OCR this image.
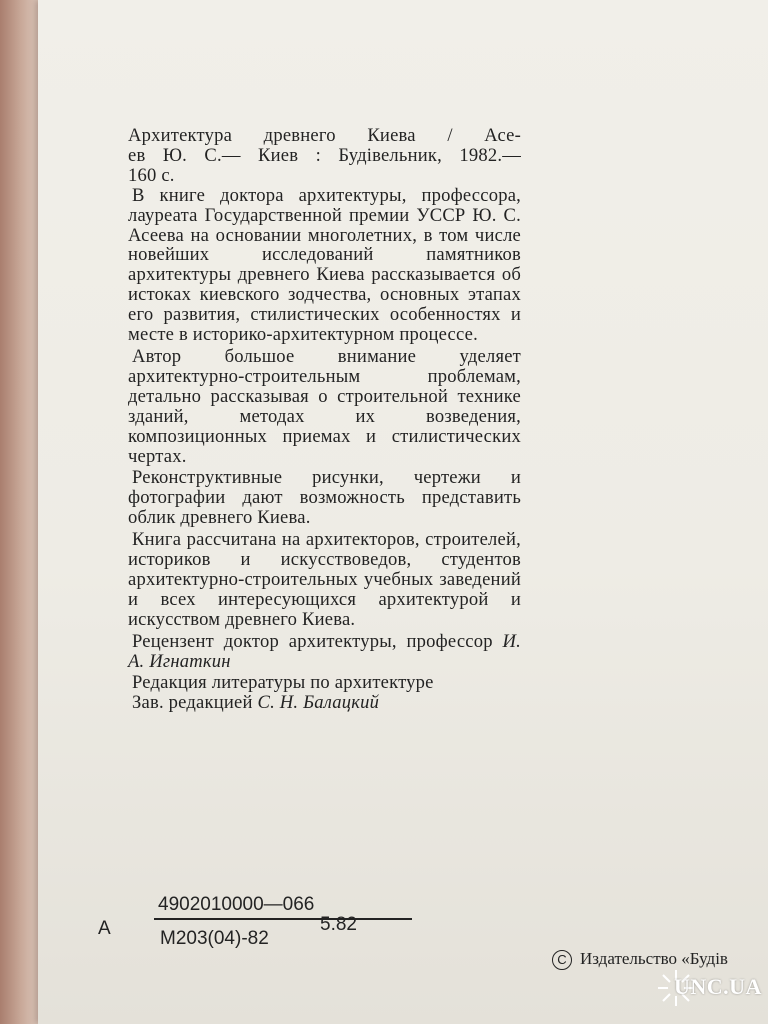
Архитектура древнего Киева / Асе-

ев Ю. С.— Киев : Будівельник, 1982.—

160 с.

В книге доктора архитектуры, профессора, лауреата Государственной премии УССР Ю. С. Асеева на основании многолетних, в том числе новейших исследований памятников архитектуры древнего Киева рассказывается об истоках киевского зодчества, основных этапах его развития, стилистических особенностях и месте в историко-архитектурном процессе.

Автор большое внимание уделяет архитектурно-строительным проблемам, детально рассказывая о строительной технике зданий, методах их возведения, композиционных приемах и стилистических чертах.

Реконструктивные рисунки, чертежи и фотографии дают возможность представить облик древнего Киева.

Книга рассчитана на архитекторов, строителей, историков и искусствоведов, студентов архитектурно-строительных учебных заведений и всех интересующихся архитектурой и искусством древнего Киева.

Рецензент доктор архитектуры, профессор И. А. Игнаткин

Редакция литературы по архитектуре

Зав. редакцией С. Н. Балацкий

А
4902010000—066
М203(04)-82
5.82
С Издательство «Будів
UNC.UA
